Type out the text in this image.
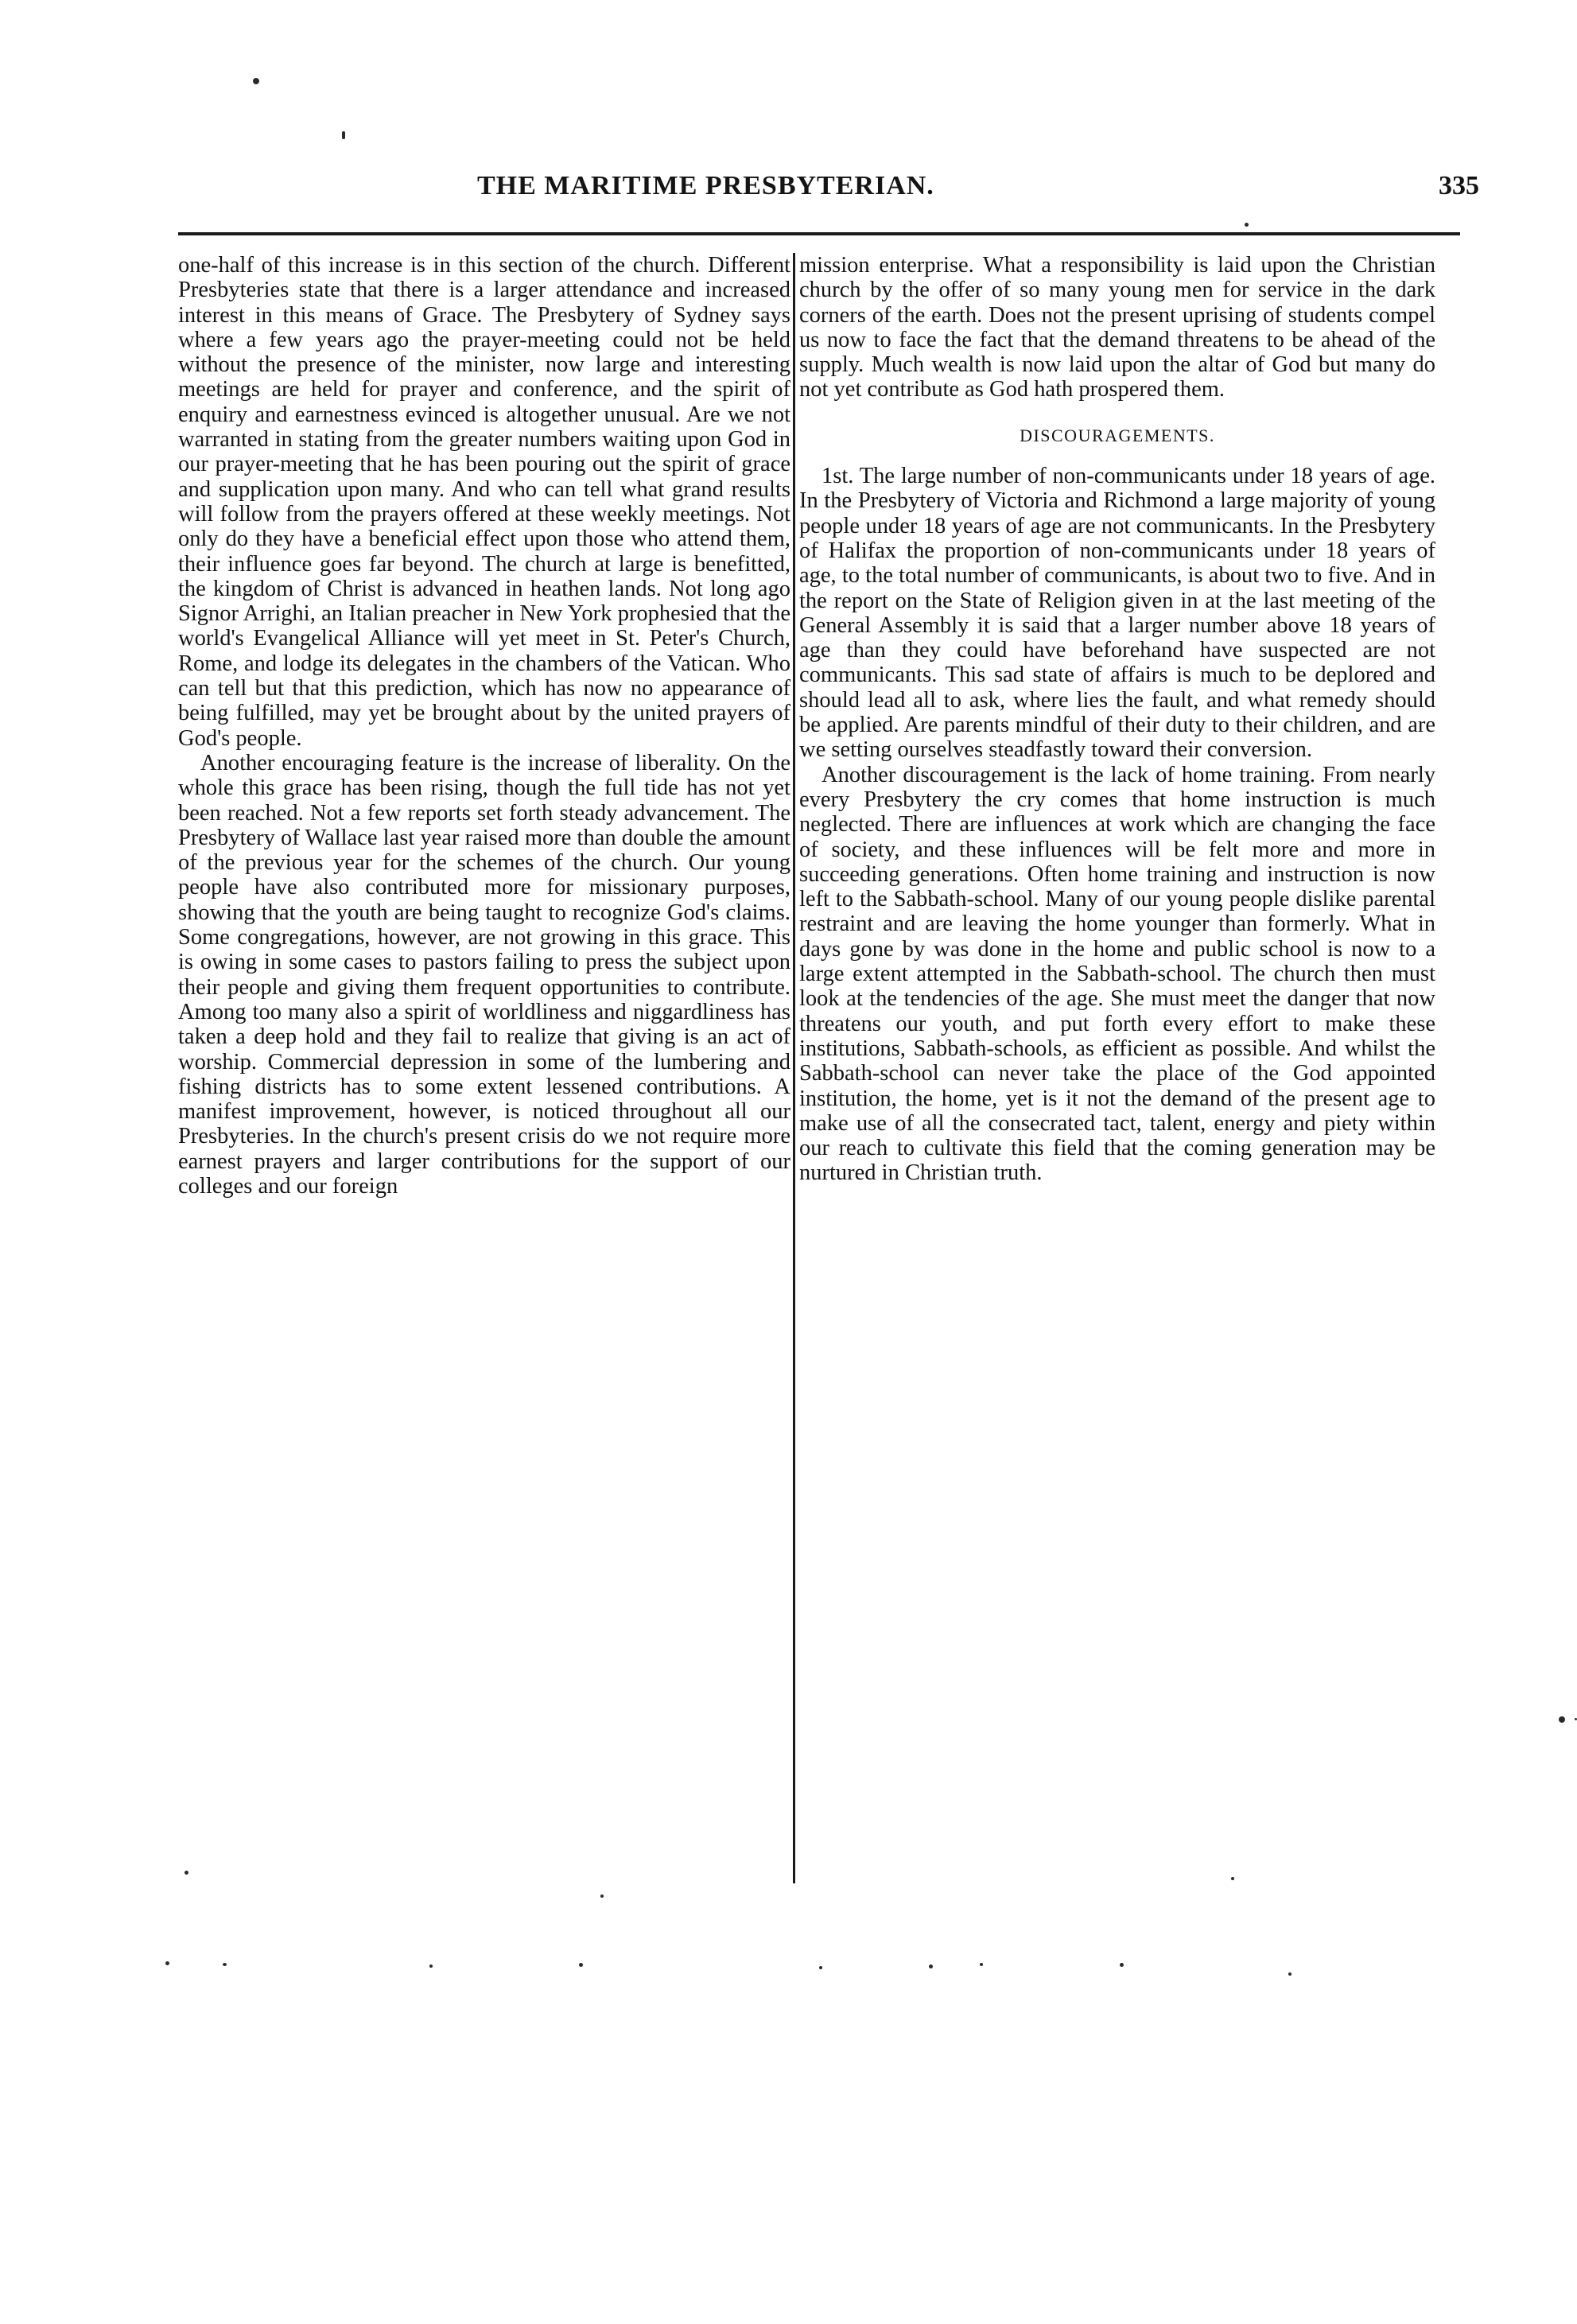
THE MARITIME PRESBYTERIAN.	335

one-half of this increase is in this section of the church. Different Presbyteries state that there is a larger attendance and increased interest in this means of Grace. The Presbytery of Sydney says where a few years ago the prayer-meeting could not be held without the presence of the minister, now large and interesting meetings are held for prayer and conference, and the spirit of enquiry and earnestness evinced is altogether unusual. Are we not warranted in stating from the greater numbers waiting upon God in our prayer-meeting that he has been pouring out the spirit of grace and supplication upon many. And who can tell what grand results will follow from the prayers offered at these weekly meetings. Not only do they have a beneficial effect upon those who attend them, their influence goes far beyond. The church at large is benefitted, the kingdom of Christ is advanced in heathen lands. Not long ago Signor Arrighi, an Italian preacher in New York prophesied that the world's Evangelical Alliance will yet meet in St. Peter's Church, Rome, and lodge its delegates in the chambers of the Vatican. Who can tell but that this prediction, which has now no appearance of being fulfilled, may yet be brought about by the united prayers of God's people.

Another encouraging feature is the increase of liberality. On the whole this grace has been rising, though the full tide has not yet been reached. Not a few reports set forth steady advancement. The Presbytery of Wallace last year raised more than double the amount of the previous year for the schemes of the church. Our young people have also contributed more for missionary purposes, showing that the youth are being taught to recognize God's claims. Some congregations, however, are not growing in this grace. This is owing in some cases to pastors failing to press the subject upon their people and giving them frequent opportunities to contribute. Among too many also a spirit of worldliness and niggardliness has taken a deep hold and they fail to realize that giving is an act of worship. Commercial depression in some of the lumbering and fishing districts has to some extent lessened contributions. A manifest improvement, however, is noticed throughout all our Presbyteries. In the church's present crisis do we not require more earnest prayers and larger contributions for the support of our colleges and our foreign

mission enterprise. What a responsibility is laid upon the Christian church by the offer of so many young men for service in the dark corners of the earth. Does not the present uprising of students compel us now to face the fact that the demand threatens to be ahead of the supply. Much wealth is now laid upon the altar of God but many do not yet contribute as God hath prospered them.

DISCOURAGEMENTS.

1st. The large number of non-communicants under 18 years of age. In the Presbytery of Victoria and Richmond a large majority of young people under 18 years of age are not communicants. In the Presbytery of Halifax the proportion of non-communicants under 18 years of age, to the total number of communicants, is about two to five. And in the report on the State of Religion given in at the last meeting of the General Assembly it is said that a larger number above 18 years of age than they could have beforehand have suspected are not communicants. This sad state of affairs is much to be deplored and should lead all to ask, where lies the fault, and what remedy should be applied. Are parents mindful of their duty to their children, and are we setting ourselves steadfastly toward their conversion.

Another discouragement is the lack of home training. From nearly every Presbytery the cry comes that home instruction is much neglected. There are influences at work which are changing the face of society, and these influences will be felt more and more in succeeding generations. Often home training and instruction is now left to the Sabbath-school. Many of our young people dislike parental restraint and are leaving the home younger than formerly. What in days gone by was done in the home and public school is now to a large extent attempted in the Sabbath-school. The church then must look at the tendencies of the age. She must meet the danger that now threatens our youth, and put forth every effort to make these institutions, Sabbath-schools, as efficient as possible. And whilst the Sabbath-school can never take the place of the God appointed institution, the home, yet is it not the demand of the present age to make use of all the consecrated tact, talent, energy and piety within our reach to cultivate this field that the coming generation may be nurtured in Christian truth.
